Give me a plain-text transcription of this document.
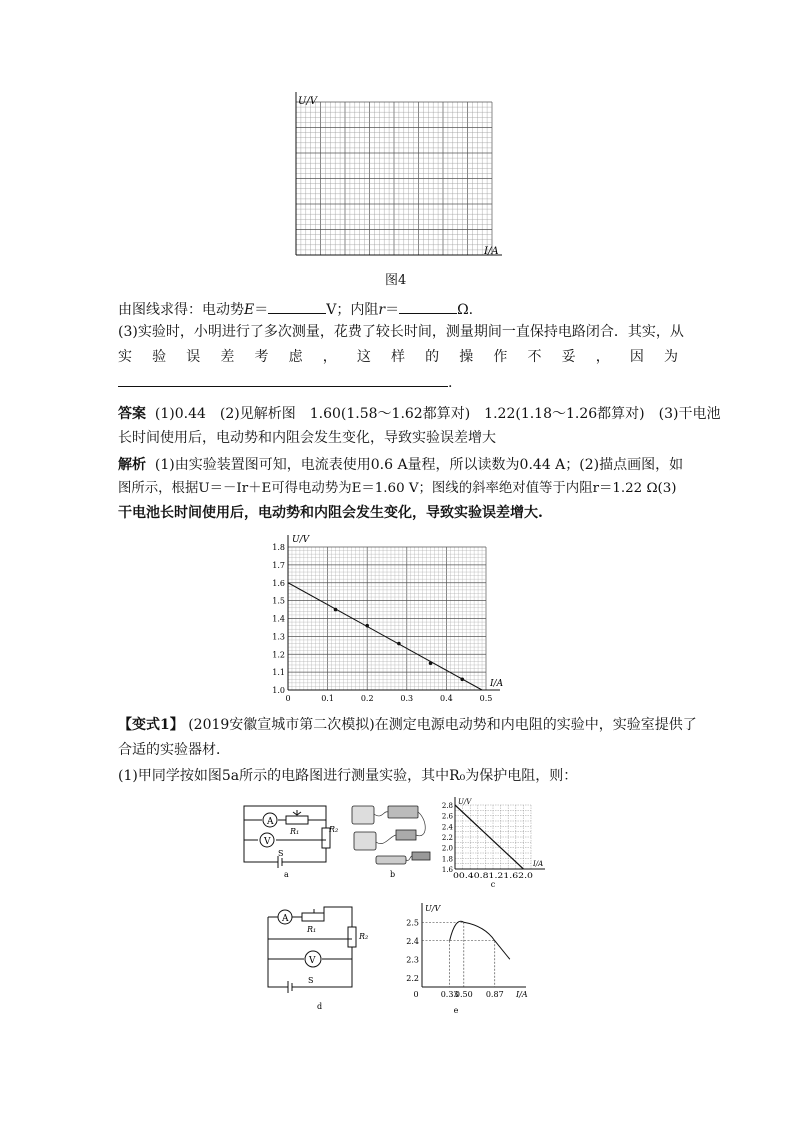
U/V
I/A
图4
由图线求得：电动势E＝	V；内阻r＝	Ω.
(3)实验时，小明进行了多次测量，花费了较长时间，测量期间一直保持电路闭合．其实，从
实 验 误 差 考 虑 ， 这 样 的 操 作 不 妥 ， 因 为
.
答案 (1)0.44　(2)见解析图　1.60(1.58～1.62都算对)　1.22(1.18～1.26都算对)　(3)干电池
长时间使用后，电动势和内阻会发生变化，导致实验误差增大
解析 (1)由实验装置图可知，电流表使用0.6 A量程，所以读数为0.44 A；(2)描点画图，如
图所示，根据U＝－Ir＋E可得电动势为E＝1.60 V；图线的斜率绝对值等于内阻r＝1.22 Ω(3)
干电池长时间使用后，电动势和内阻会发生变化，导致实验误差增大.
U/V
I/A
1.0
1.1
1.2
1.3
1.4
1.5
1.6
1.7
1.8
0	0.1	0.2	0.3	0.4	0.5
【变式1】 (2019安徽宣城市第二次模拟)在测定电源电动势和内电阻的实验中，实验室提供了
合适的实验器材．
(1)甲同学按如图5a所示的电路图进行测量实验，其中R₀为保护电阻，则：
A
V
R₁	R₂
S
a	b
U/V
I/A
1.6
1.8
2.0
2.2
2.4
2.6
2.8
00.40.81.21.62.0
c
A
V
R₁
R₂
S
d
U/V
I/A
2.2
2.3
2.4
2.5
0	0.33
0.50 0.87
e
